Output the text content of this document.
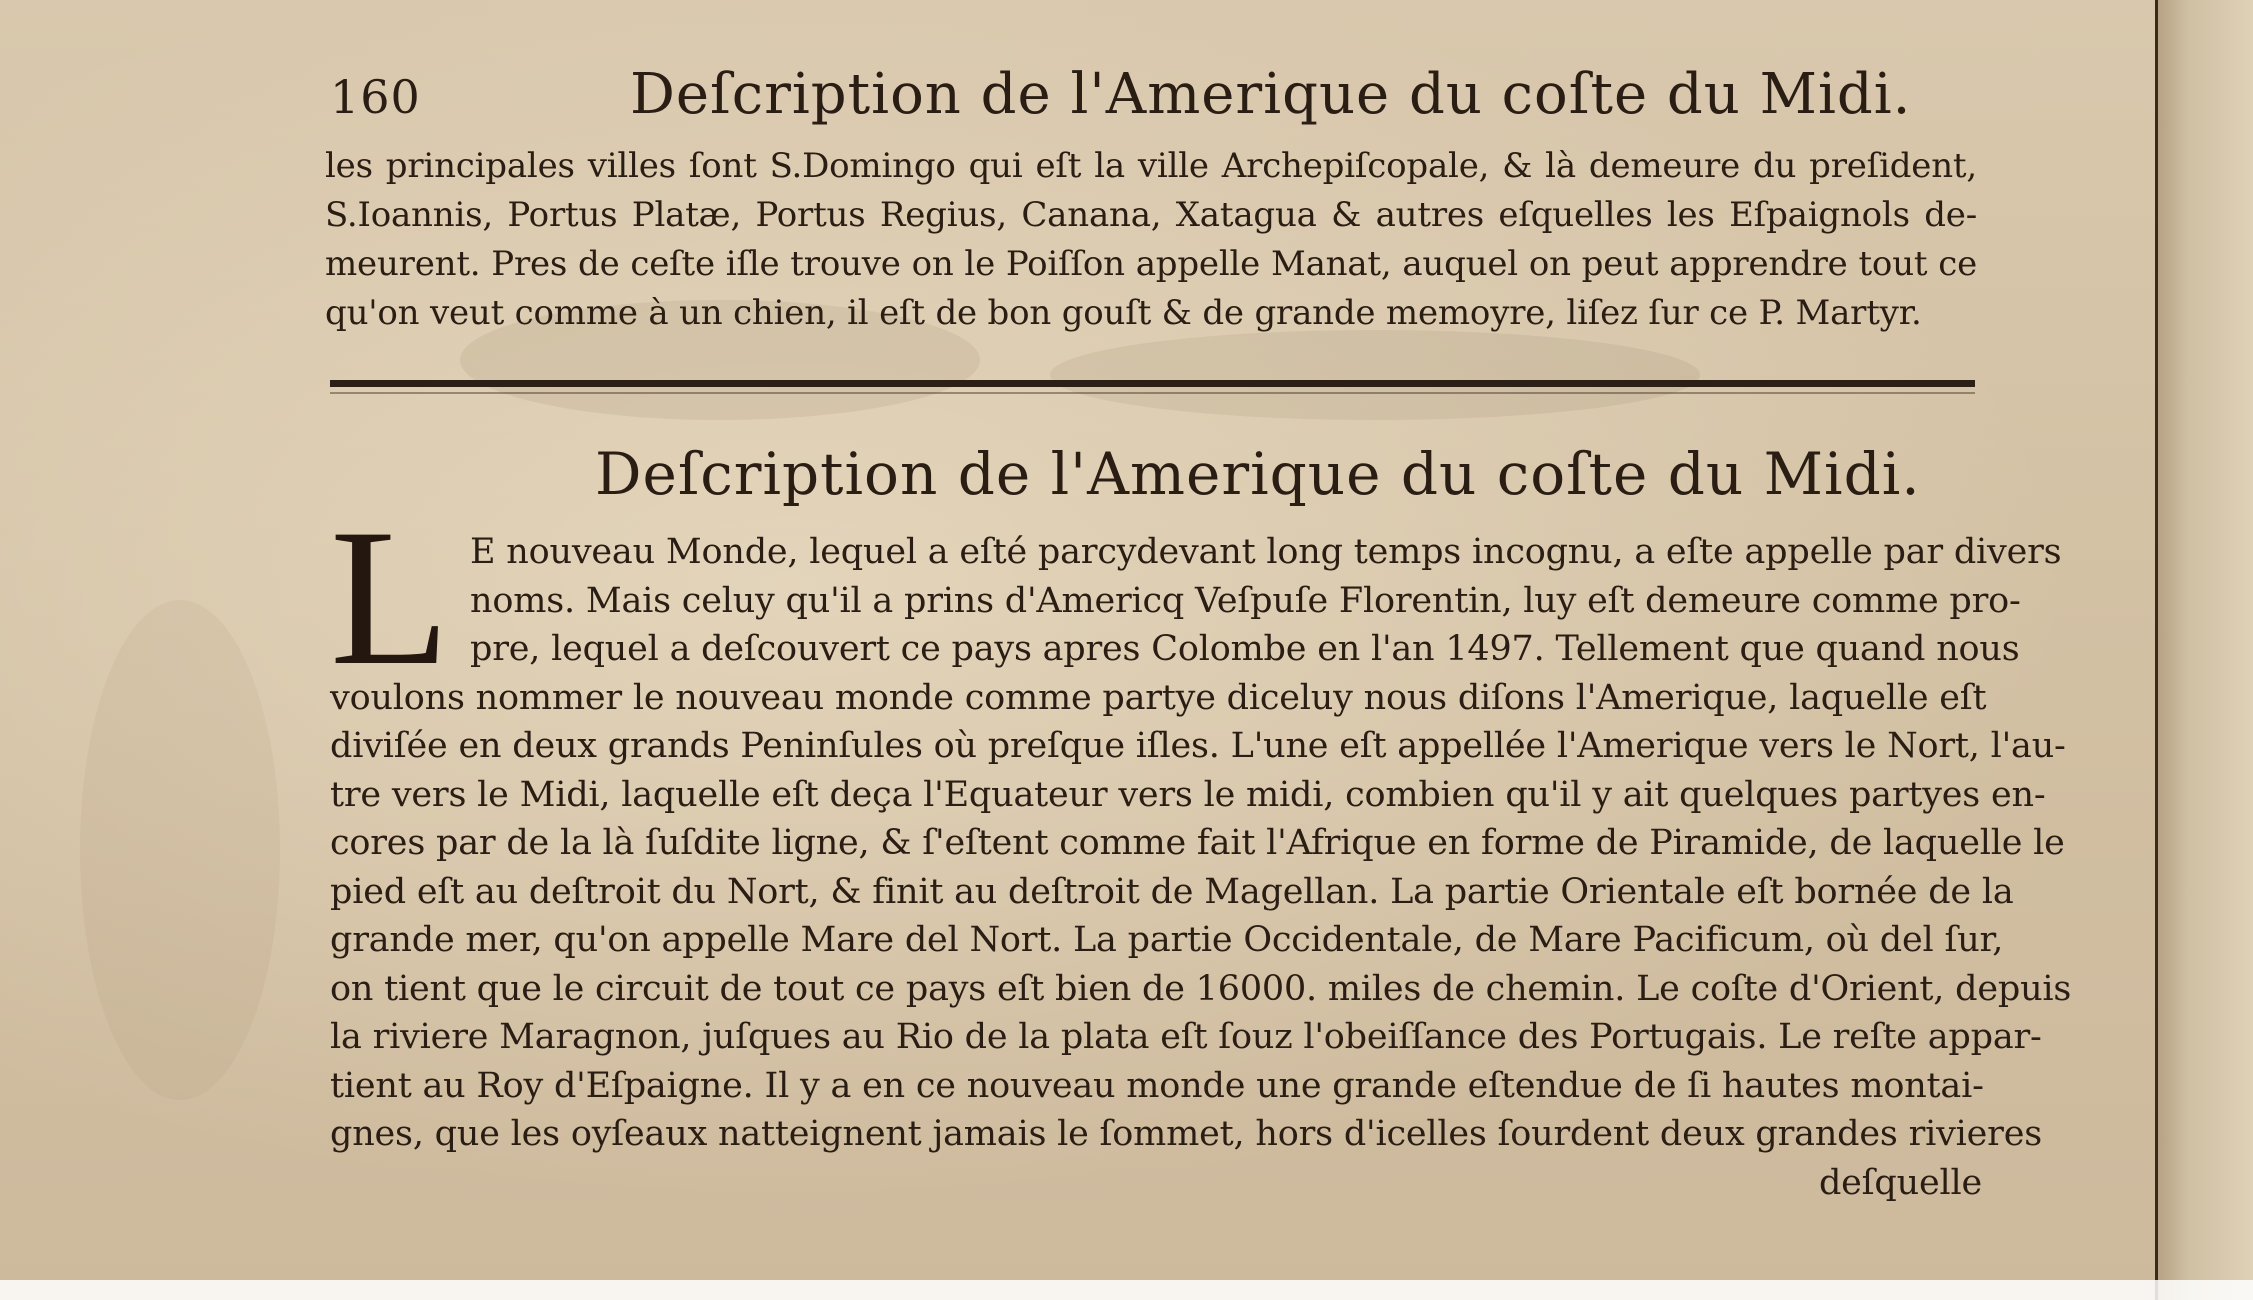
160	Deſcription de l'Amerique du coſte du Midi.
les principales villes ſont S.Domingo qui eſt la ville Archepiſcopale, & là demeure du preſident,
S.Ioannis, Portus Platæ, Portus Regius, Canana, Xatagua & autres eſquelles les Eſpaignols de-
meurent. Pres de ceſte iſle trouve on le Poiſſon appelle Manat, auquel on peut apprendre tout ce
qu'on veut comme à un chien, il eſt de bon gouſt & de grande memoyre, liſez ſur ce P. Martyr.
Deſcription de l'Amerique du coſte du Midi.
L E nouveau Monde, lequel a eſté parcydevant long temps incognu, a eſte appelle par divers
noms. Mais celuy qu'il a prins d'Americq Veſpuſe Florentin, luy eſt demeure comme pro-
pre, lequel a deſcouvert ce pays apres Colombe en l'an 1497. Tellement que quand nous
voulons nommer le nouveau monde comme partye diceluy nous diſons l'Amerique, laquelle eſt
diviſée en deux grands Peninſules où preſque iſles. L'une eſt appellée l'Amerique vers le Nort, l'au-
tre vers le Midi, laquelle eſt deça l'Equateur vers le midi, combien qu'il y ait quelques partyes en-
cores par de la là ſuſdite ligne, & ſ'eſtent comme fait l'Afrique en forme de Piramide, de laquelle le
pied eſt au deſtroit du Nort, & finit au deſtroit de Magellan. La partie Orientale eſt bornée de la
grande mer, qu'on appelle Mare del Nort. La partie Occidentale, de Mare Pacificum, où del ſur,
on tient que le circuit de tout ce pays eſt bien de 16000. miles de chemin. Le coſte d'Orient, depuis
la riviere Maragnon, juſques au Rio de la plata eſt ſouz l'obeiſſance des Portugais. Le reſte appar-
tient au Roy d'Eſpaigne. Il y a en ce nouveau monde une grande eſtendue de ſi hautes montai-
gnes, que les oyſeaux natteignent jamais le ſommet, hors d'icelles ſourdent deux grandes rivieres
deſquelle
